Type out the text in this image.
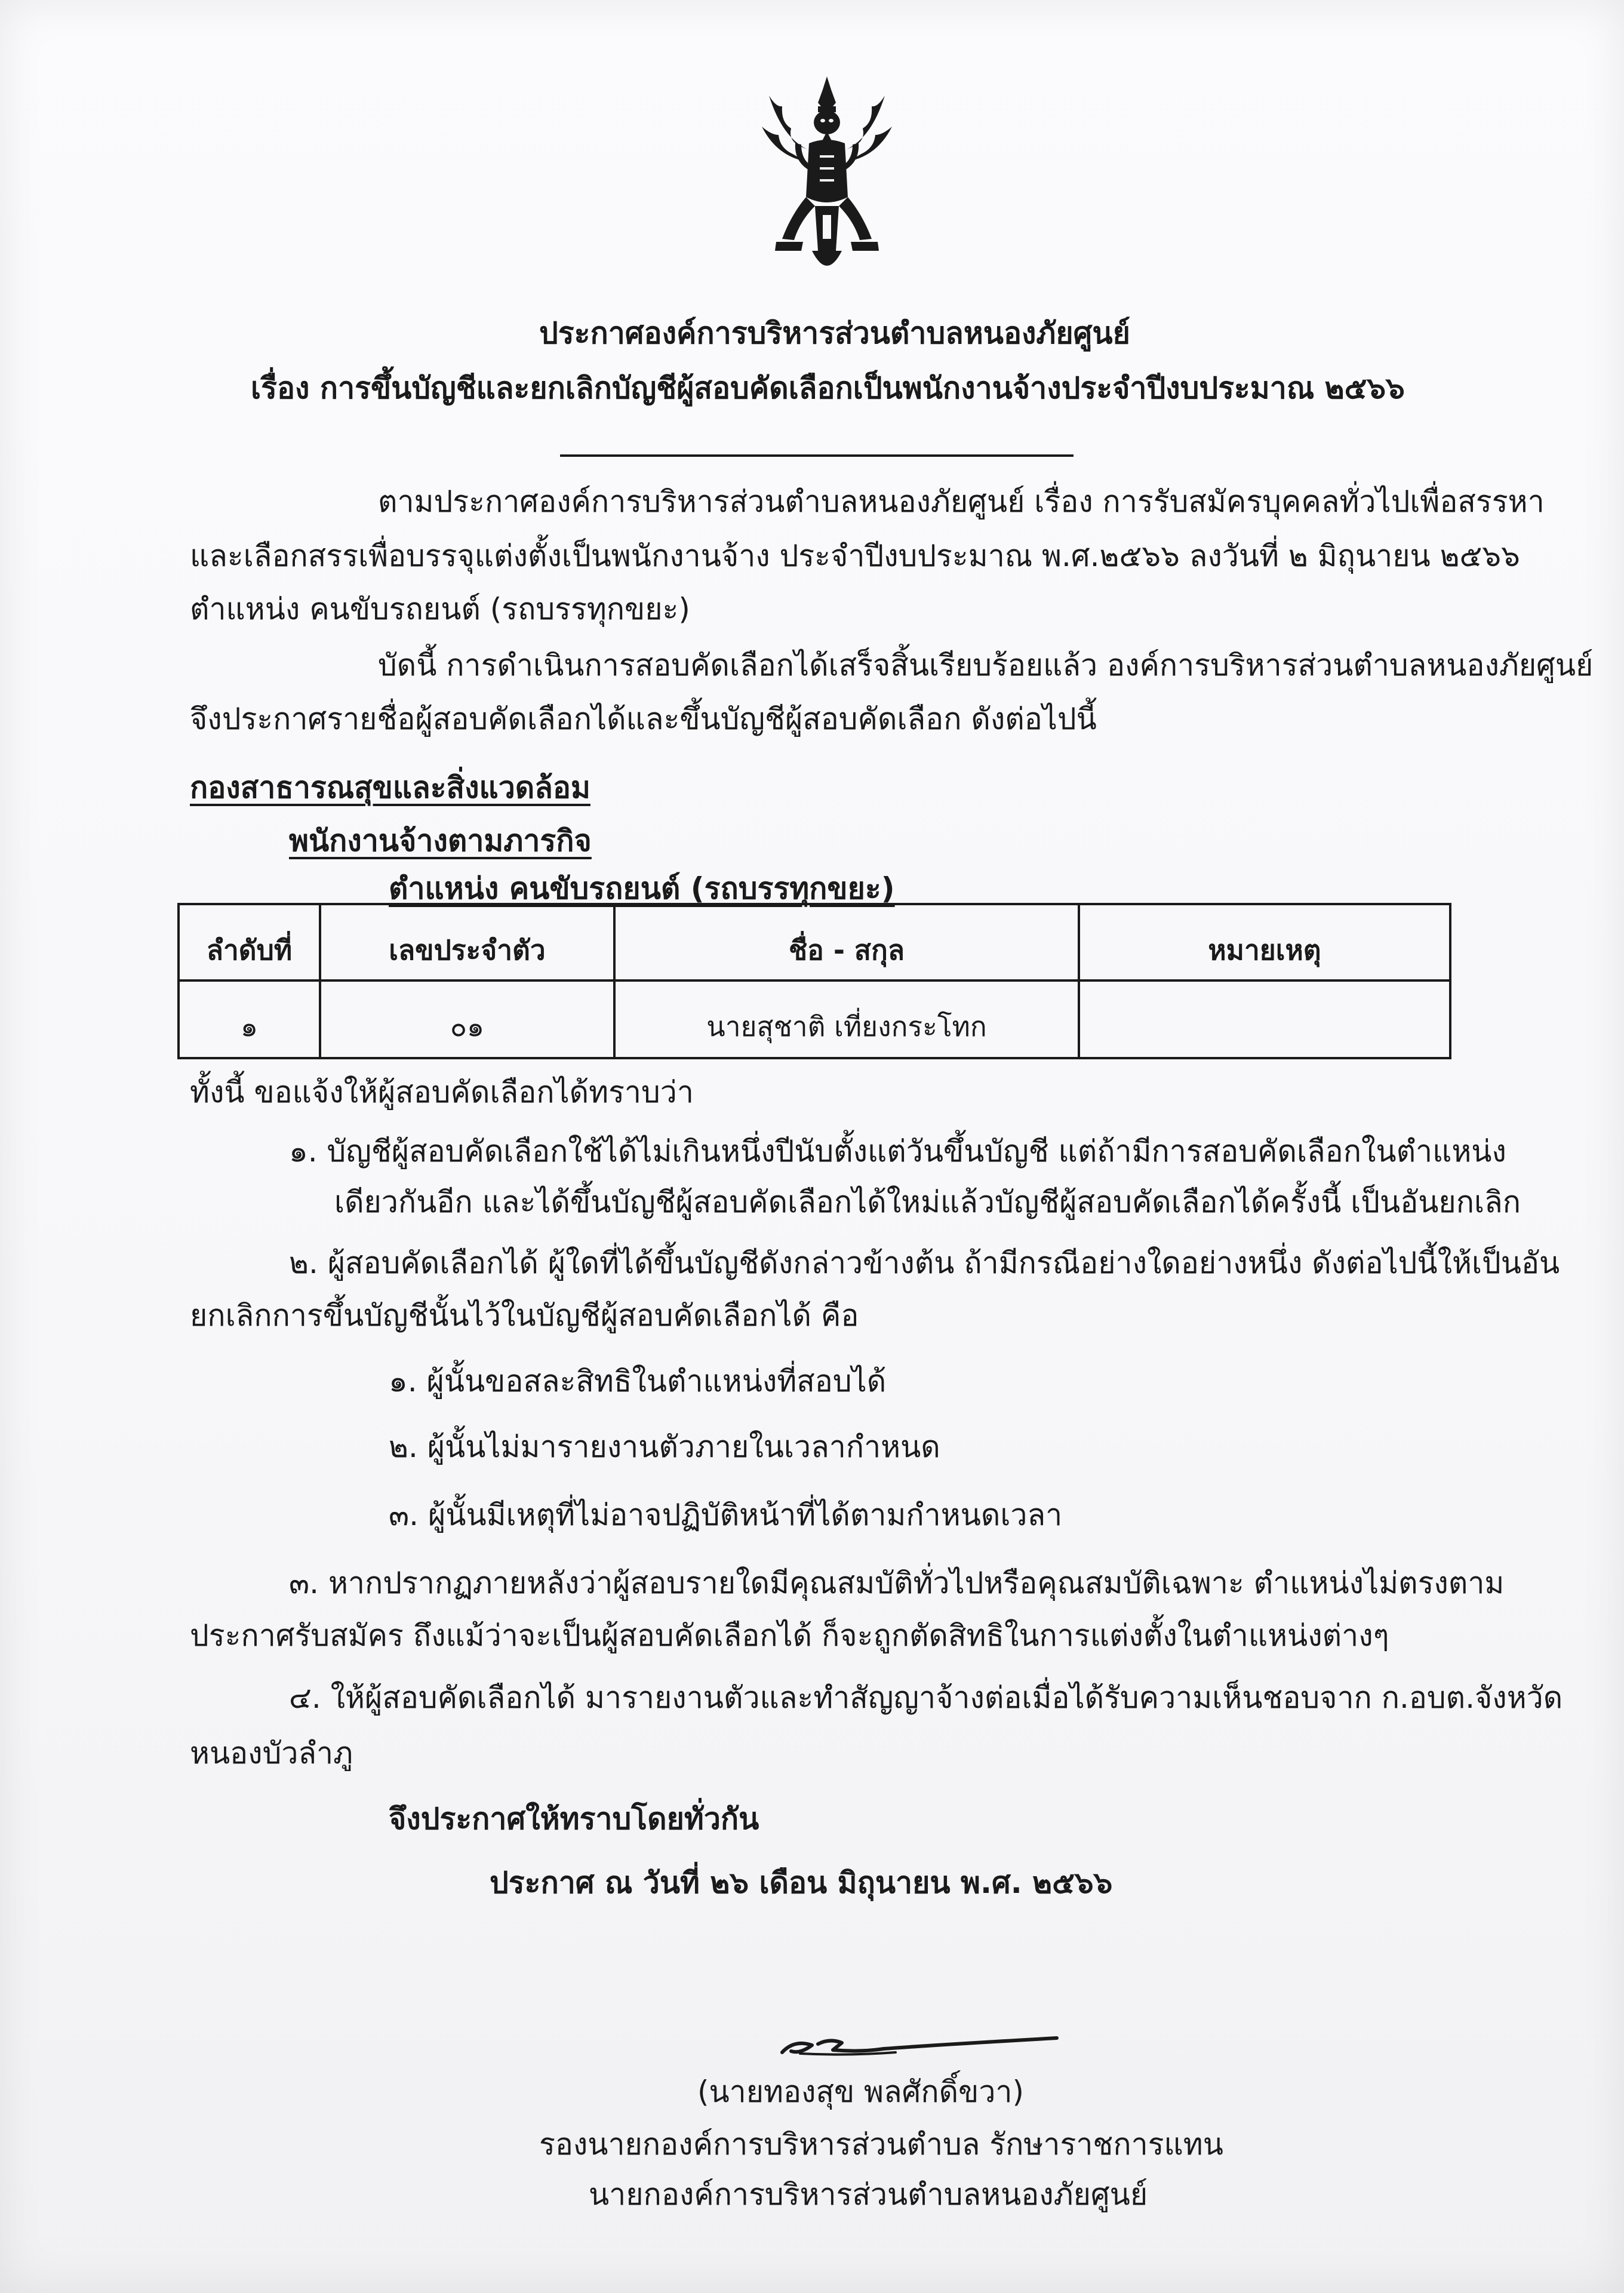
ประกาศองค์การบริหารส่วนตำบลหนองภัยศูนย์
เรื่อง การขึ้นบัญชีและยกเลิกบัญชีผู้สอบคัดเลือกเป็นพนักงานจ้างประจำปีงบประมาณ ๒๕๖๖
ตามประกาศองค์การบริหารส่วนตำบลหนองภัยศูนย์ เรื่อง การรับสมัครบุคคลทั่วไปเพื่อสรรหา
และเลือกสรรเพื่อบรรจุแต่งตั้งเป็นพนักงานจ้าง ประจำปีงบประมาณ พ.ศ.๒๕๖๖ ลงวันที่ ๒ มิถุนายน ๒๕๖๖
ตำแหน่ง คนขับรถยนต์ (รถบรรทุกขยะ)
บัดนี้ การดำเนินการสอบคัดเลือกได้เสร็จสิ้นเรียบร้อยแล้ว องค์การบริหารส่วนตำบลหนองภัยศูนย์
จึงประกาศรายชื่อผู้สอบคัดเลือกได้และขึ้นบัญชีผู้สอบคัดเลือก ดังต่อไปนี้
กองสาธารณสุขและสิ่งแวดล้อม
พนักงานจ้างตามภารกิจ
ตำแหน่ง คนขับรถยนต์ (รถบรรทุกขยะ)
ลำดับที่	เลขประจำตัว	ชื่อ - สกุล	หมายเหตุ
๑	๐๑	นายสุชาติ เที่ยงกระโทก	
ทั้งนี้ ขอแจ้งให้ผู้สอบคัดเลือกได้ทราบว่า
๑. บัญชีผู้สอบคัดเลือกใช้ได้ไม่เกินหนึ่งปีนับตั้งแต่วันขึ้นบัญชี แต่ถ้ามีการสอบคัดเลือกในตำแหน่ง
เดียวกันอีก และได้ขึ้นบัญชีผู้สอบคัดเลือกได้ใหม่แล้วบัญชีผู้สอบคัดเลือกได้ครั้งนี้ เป็นอันยกเลิก
๒. ผู้สอบคัดเลือกได้ ผู้ใดที่ได้ขึ้นบัญชีดังกล่าวข้างต้น ถ้ามีกรณีอย่างใดอย่างหนึ่ง ดังต่อไปนี้ให้เป็นอัน
ยกเลิกการขึ้นบัญชีนั้นไว้ในบัญชีผู้สอบคัดเลือกได้ คือ
๑. ผู้นั้นขอสละสิทธิในตำแหน่งที่สอบได้
๒. ผู้นั้นไม่มารายงานตัวภายในเวลากำหนด
๓. ผู้นั้นมีเหตุที่ไม่อาจปฏิบัติหน้าที่ได้ตามกำหนดเวลา
๓. หากปรากฏภายหลังว่าผู้สอบรายใดมีคุณสมบัติทั่วไปหรือคุณสมบัติเฉพาะ ตำแหน่งไม่ตรงตาม
ประกาศรับสมัคร ถึงแม้ว่าจะเป็นผู้สอบคัดเลือกได้ ก็จะถูกตัดสิทธิในการแต่งตั้งในตำแหน่งต่างๆ
๔. ให้ผู้สอบคัดเลือกได้ มารายงานตัวและทำสัญญาจ้างต่อเมื่อได้รับความเห็นชอบจาก ก.อบต.จังหวัด
หนองบัวลำภู
จึงประกาศให้ทราบโดยทั่วกัน
ประกาศ ณ วันที่ ๒๖ เดือน มิถุนายน พ.ศ. ๒๕๖๖
(นายทองสุข พลศักดิ์ขวา)
รองนายกองค์การบริหารส่วนตำบล รักษาราชการแทน
นายกองค์การบริหารส่วนตำบลหนองภัยศูนย์
